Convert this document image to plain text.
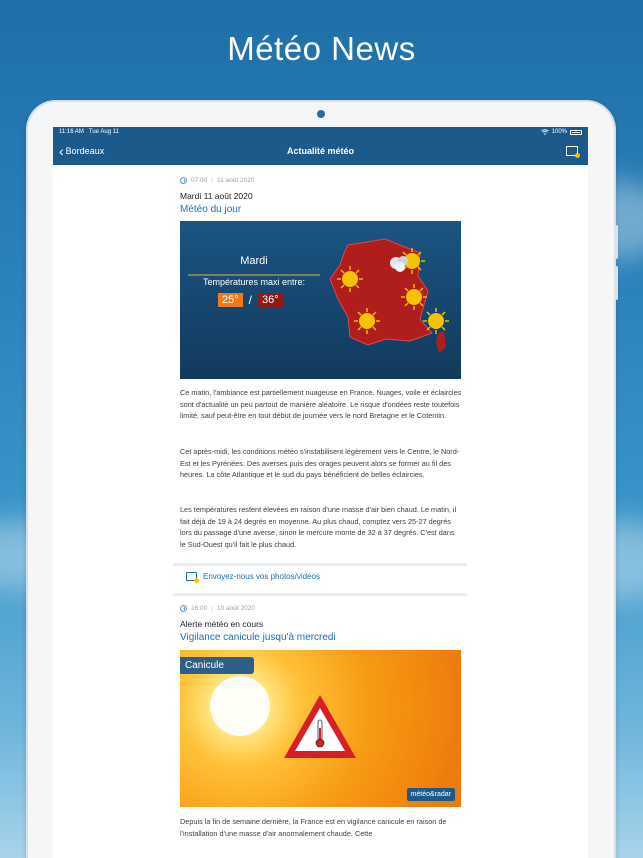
Météo News
11:16 AM Tue Aug 11	100%
‹ Bordeaux	Actualité météo
07:00 | 11 août 2020
Mardi 11 août 2020
Météo du jour
Mardi
Températures maxi entre:
25° / 36°
Ce matin, l'ambiance est partiellement nuageuse en France. Nuages, voile et éclaircies sont d'actualité un peu partout de manière aléatoire. Le risque d'ondées reste toutefois limité, sauf peut-être en tout début de journée vers le nord Bretagne et le Cotentin.
Cet après-midi, les conditions météo s'instabilisent légèrement vers le Centre, le Nord-Est et les Pyrénées. Des averses puis des orages peuvent alors se former au fil des heures. La côte Atlantique et le sud du pays bénéficient de belles éclaircies.
Les températures restent élevées en raison d'une masse d'air bien chaud. Le matin, il fait déjà de 19 à 24 degrés en moyenne. Au plus chaud, comptez vers 25-27 degrés lors du passage d'une averse, sinon le mercure monte de 32 à 37 degrés. C'est dans le Sud-Ouest qu'il fait le plus chaud.
Envoyez-nous vos photos/vidéos
16:00 | 10 août 2020
Alerte météo en cours
Vigilance canicule jusqu'à mercredi
Canicule
météo&radar
Depuis la fin de semaine dernière, la France est en vigilance canicule en raison de l'installation d'une masse d'air anormalement chaude. Cette
